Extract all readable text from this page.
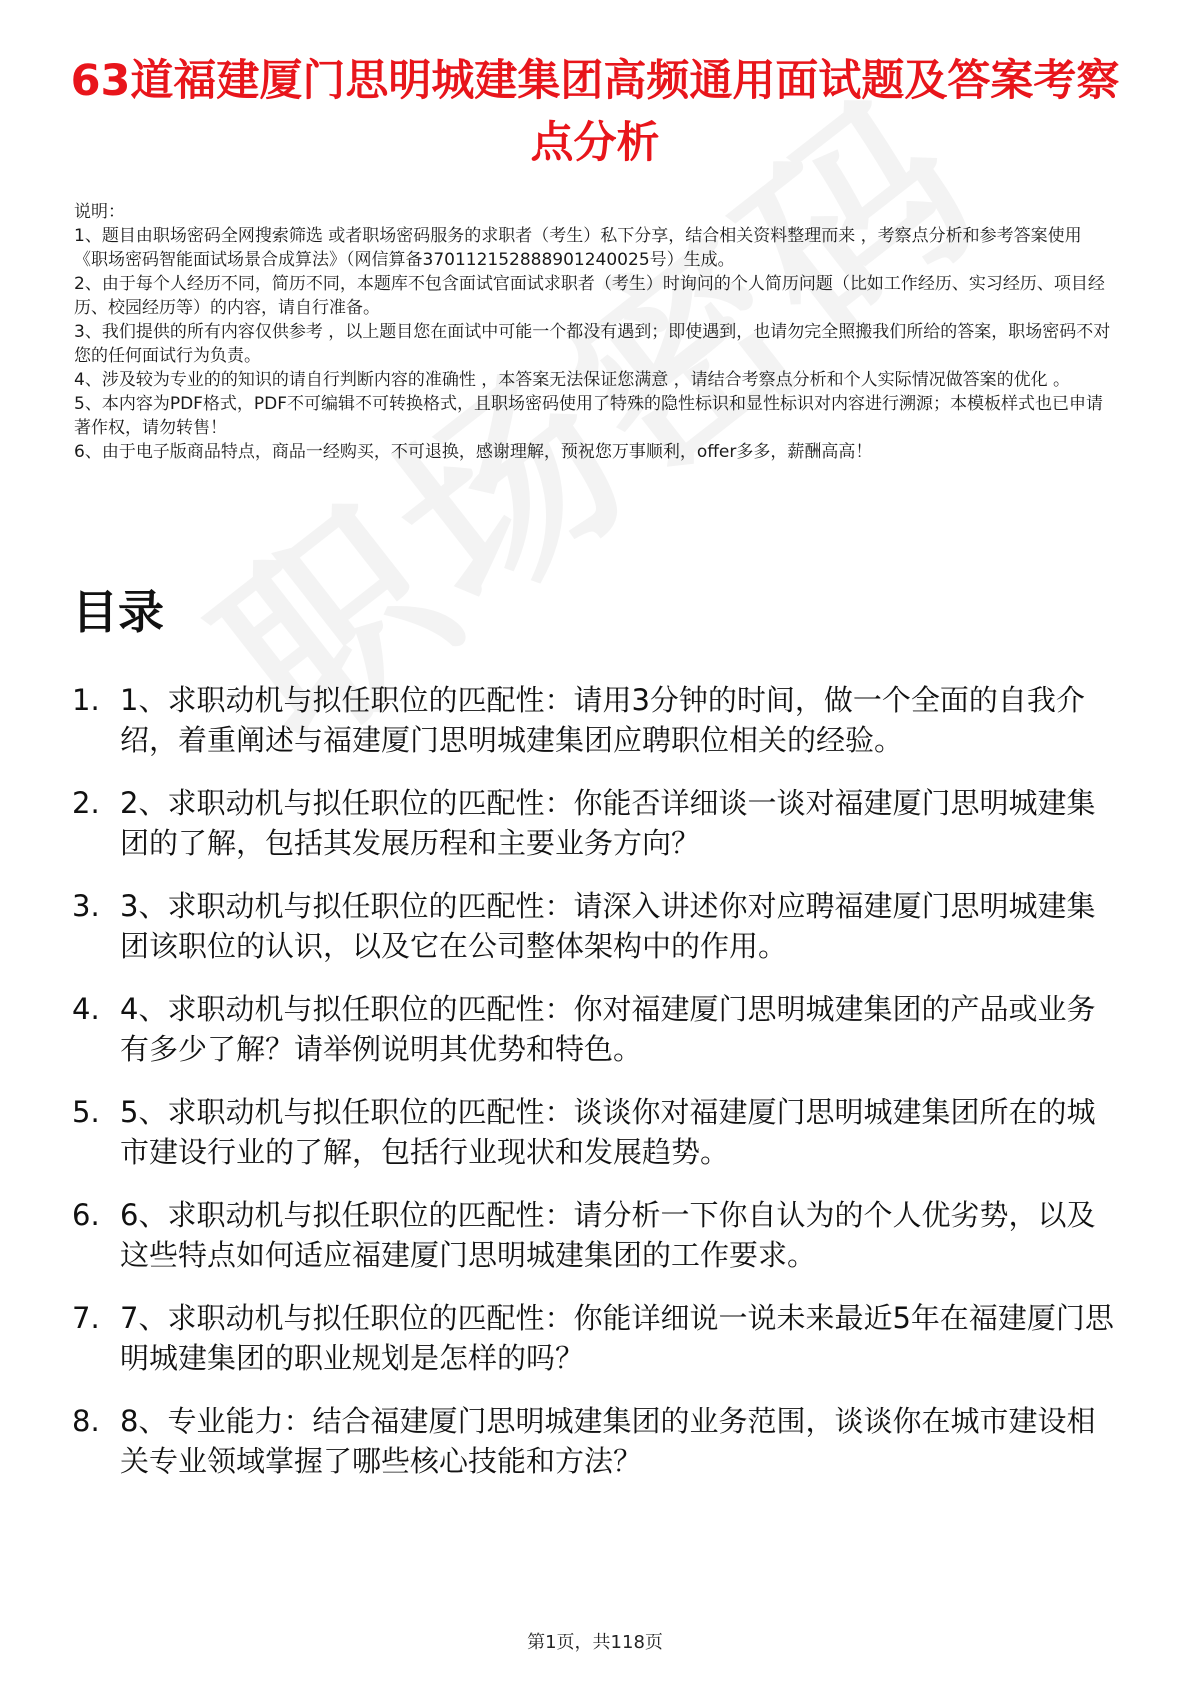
63道福建厦门思明城建集团高频通用面试题及答案考察点分析

说明：

1、题目由职场密码全网搜索筛选 或者职场密码服务的求职者（考生）私下分享，结合相关资料整理而来 ，考察点分析和参考答案使用《职场密码智能面试场景合成算法》（网信算备370112152888901240025号）生成。

2、由于每个人经历不同，简历不同，本题库不包含面试官面试求职者（考生）时询问的个人简历问题（比如工作经历、实习经历、项目经历、校园经历等）的内容，请自行准备。

3、我们提供的所有内容仅供参考 ，以上题目您在面试中可能一个都没有遇到；即使遇到，也请勿完全照搬我们所给的答案，职场密码不对您的任何面试行为负责。

4、涉及较为专业的的知识的请自行判断内容的准确性 ，本答案无法保证您满意 ，请结合考察点分析和个人实际情况做答案的优化 。

5、本内容为PDF格式，PDF不可编辑不可转换格式，且职场密码使用了特殊的隐性标识和显性标识对内容进行溯源；本模板样式也已申请著作权，请勿转售！

6、由于电子版商品特点，商品一经购买，不可退换，感谢理解，预祝您万事顺利，offer多多，薪酬高高！

目录
1. 1、求职动机与拟任职位的匹配性：请用3分钟的时间，做一个全面的自我介绍，着重阐述与福建厦门思明城建集团应聘职位相关的经验。
2. 2、求职动机与拟任职位的匹配性：你能否详细谈一谈对福建厦门思明城建集团的了解，包括其发展历程和主要业务方向？
3. 3、求职动机与拟任职位的匹配性：请深入讲述你对应聘福建厦门思明城建集团该职位的认识，以及它在公司整体架构中的作用。
4. 4、求职动机与拟任职位的匹配性：你对福建厦门思明城建集团的产品或业务有多少了解？请举例说明其优势和特色。
5. 5、求职动机与拟任职位的匹配性：谈谈你对福建厦门思明城建集团所在的城市建设行业的了解，包括行业现状和发展趋势。
6. 6、求职动机与拟任职位的匹配性：请分析一下你自认为的个人优劣势，以及这些特点如何适应福建厦门思明城建集团的工作要求。
7. 7、求职动机与拟任职位的匹配性：你能详细说一说未来最近5年在福建厦门思明城建集团的职业规划是怎样的吗？
8. 8、专业能力：结合福建厦门思明城建集团的业务范围，谈谈你在城市建设相关专业领域掌握了哪些核心技能和方法？
第1页，共118页
